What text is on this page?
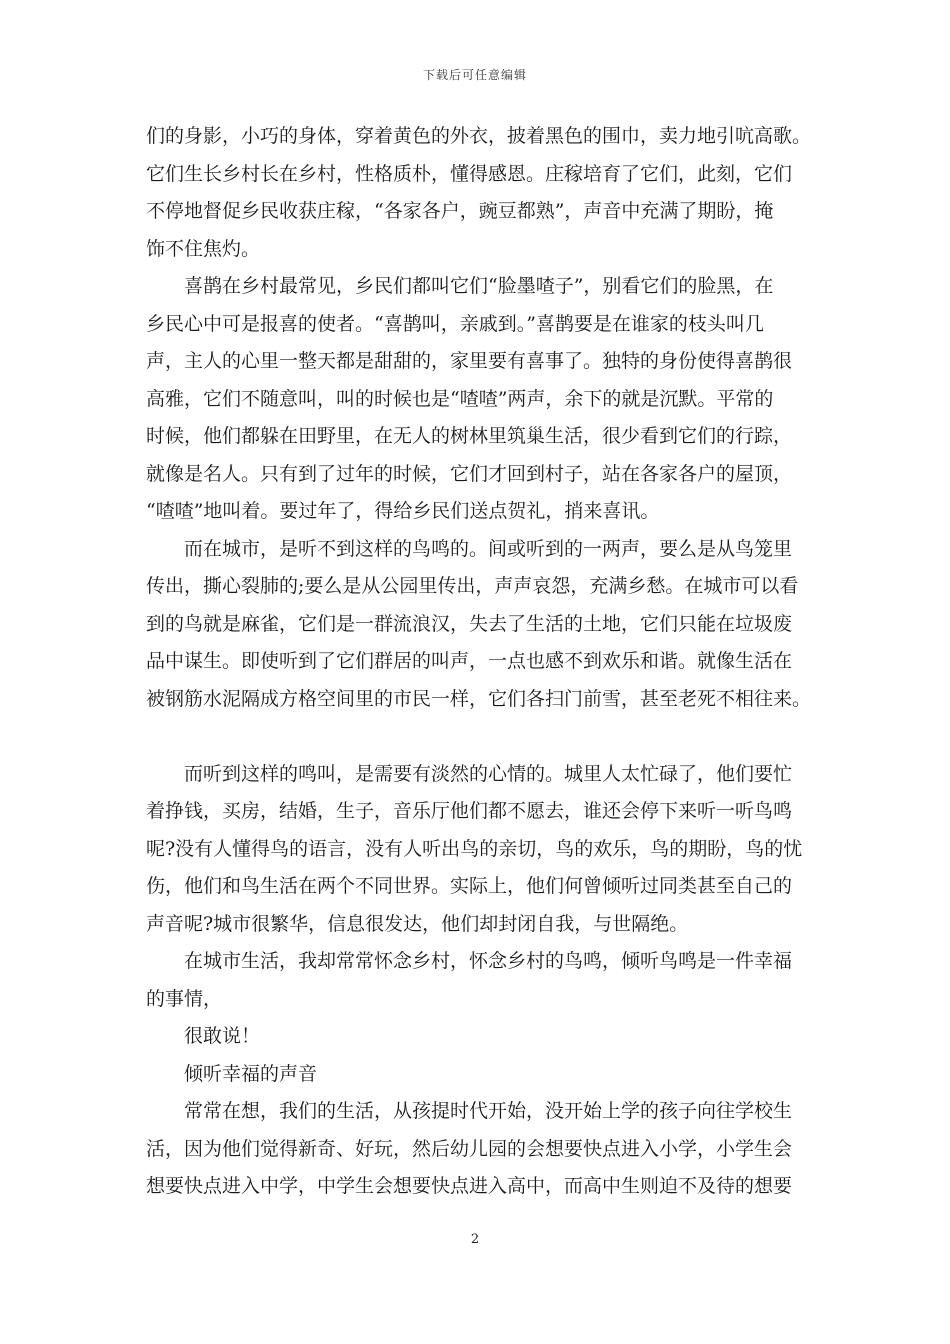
下载后可任意编辑
们的身影，小巧的身体，穿着黄色的外衣，披着黑色的围巾，卖力地引吭高歌。
它们生长乡村长在乡村，性格质朴，懂得感恩。庄稼培育了它们，此刻，它们
不停地督促乡民收获庄稼，“各家各户，豌豆都熟”，声音中充满了期盼，掩
饰不住焦灼。
喜鹊在乡村最常见，乡民们都叫它们“脸墨喳子”，别看它们的脸黑，在
乡民心中可是报喜的使者。“喜鹊叫，亲戚到。”喜鹊要是在谁家的枝头叫几
声，主人的心里一整天都是甜甜的，家里要有喜事了。独特的身份使得喜鹊很
高雅，它们不随意叫，叫的时候也是“喳喳”两声，余下的就是沉默。平常的
时候，他们都躲在田野里，在无人的树林里筑巢生活，很少看到它们的行踪，
就像是名人。只有到了过年的时候，它们才回到村子，站在各家各户的屋顶，
“喳喳”地叫着。要过年了，得给乡民们送点贺礼，捎来喜讯。
而在城市，是听不到这样的鸟鸣的。间或听到的一两声，要么是从鸟笼里
传出，撕心裂肺的;要么是从公园里传出，声声哀怨，充满乡愁。在城市可以看
到的鸟就是麻雀，它们是一群流浪汉，失去了生活的土地，它们只能在垃圾废
品中谋生。即使听到了它们群居的叫声，一点也感不到欢乐和谐。就像生活在
被钢筋水泥隔成方格空间里的市民一样，它们各扫门前雪，甚至老死不相往来。
而听到这样的鸣叫，是需要有淡然的心情的。城里人太忙碌了，他们要忙
着挣钱，买房，结婚，生子，音乐厅他们都不愿去，谁还会停下来听一听鸟鸣
呢?没有人懂得鸟的语言，没有人听出鸟的亲切，鸟的欢乐，鸟的期盼，鸟的忧
伤，他们和鸟生活在两个不同世界。实际上，他们何曾倾听过同类甚至自己的
声音呢?城市很繁华，信息很发达，他们却封闭自我，与世隔绝。
在城市生活，我却常常怀念乡村，怀念乡村的鸟鸣，倾听鸟鸣是一件幸福
的事情，
很敢说！
倾听幸福的声音
常常在想，我们的生活，从孩提时代开始，没开始上学的孩子向往学校生
活，因为他们觉得新奇、好玩，然后幼儿园的会想要快点进入小学，小学生会
想要快点进入中学，中学生会想要快点进入高中，而高中生则迫不及待的想要
2
